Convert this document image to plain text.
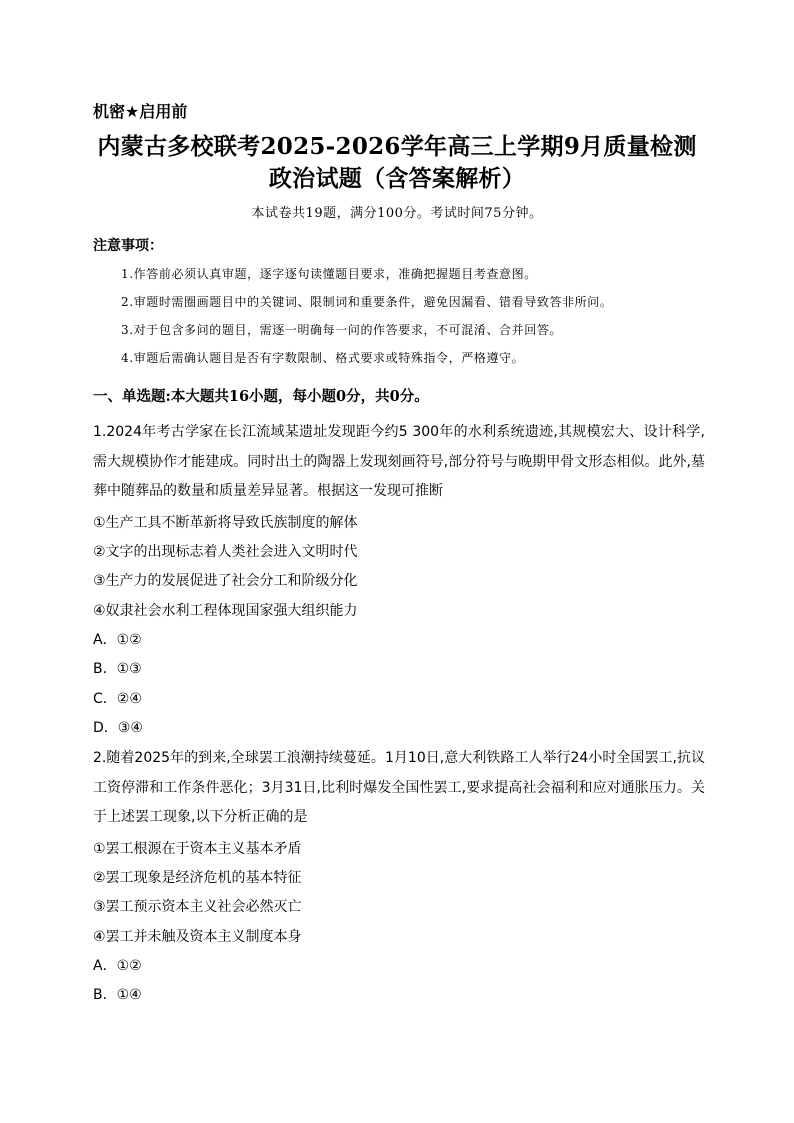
机密★启用前
内蒙古多校联考2025-2026学年高三上学期9月质量检测
政治试题（含答案解析）
本试卷共19题，满分100分。考试时间75分钟。
注意事项：
1.作答前必须认真审题，逐字逐句读懂题目要求，准确把握题目考查意图。
2.审题时需圈画题目中的关键词、限制词和重要条件，避免因漏看、错看导致答非所问。
3.对于包含多问的题目，需逐一明确每一问的作答要求，不可混淆、合并回答。
4.审题后需确认题目是否有字数限制、格式要求或特殊指令，严格遵守。
一、单选题:本大题共16小题，每小题0分，共0分。
1.2024年考古学家在长江流域某遗址发现距今约5 300年的水利系统遗迹,其规模宏大、设计科学,需大规模协作才能建成。同时出土的陶器上发现刻画符号,部分符号与晚期甲骨文形态相似。此外,墓葬中随葬品的数量和质量差异显著。根据这一发现可推断
①生产工具不断革新将导致氏族制度的解体
②文字的出现标志着人类社会进入文明时代
③生产力的发展促进了社会分工和阶级分化
④奴隶社会水利工程体现国家强大组织能力
A．①②
B．①③
C．②④
D．③④
2.随着2025年的到来,全球罢工浪潮持续蔓延。1月10日,意大利铁路工人举行24小时全国罢工,抗议工资停滞和工作条件恶化；3月31日,比利时爆发全国性罢工,要求提高社会福利和应对通胀压力。关于上述罢工现象,以下分析正确的是
①罢工根源在于资本主义基本矛盾
②罢工现象是经济危机的基本特征
③罢工预示资本主义社会必然灭亡
④罢工并未触及资本主义制度本身
A．①②
B．①④
